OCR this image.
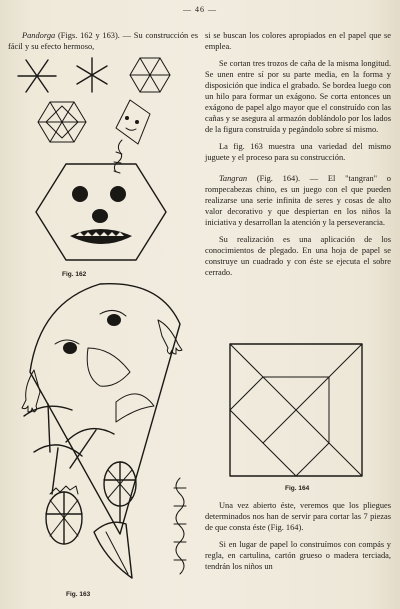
— 46 —

Pandorga (Figs. 162 y 163). — Su construcción es fácil y su efecto hermoso,

Fig. 162
Fig. 163

si se buscan los colores apropiados en el papel que se emplea.

Se cortan tres trozos de caña de la misma longitud. Se unen entre sí por su parte media, en la forma y disposición que indica el grabado. Se bordea luego con un hilo para formar un exágono. Se corta entonces un exágono de papel algo mayor que el construído con las cañas y se asegura al armazón doblándolo por los lados de la figura construída y pegándolo sobre sí mismo.

La fig. 163 muestra una variedad del mismo juguete y el proceso para su construcción.

Tangran (Fig. 164). — El "tangran" o rompecabezas chino, es un juego con el que pueden realizarse una serie infinita de seres y cosas de alto valor decorativo y que despiertan en los niños la iniciativa y desarrollan la atención y la perseverancia.

Su realización es una aplicación de los conocimientos de plegado. En una hoja de papel se construye un cuadrado y con éste se ejecuta el sobre cerrado.

Fig. 164

Una vez abierto éste, veremos que los pliegues determinados nos han de servir para cortar las 7 piezas de que consta éste (Fig. 164).

Si en lugar de papel lo construímos con compás y regla, en cartulina, cartón grueso o madera terciada, tendrán los niños un
